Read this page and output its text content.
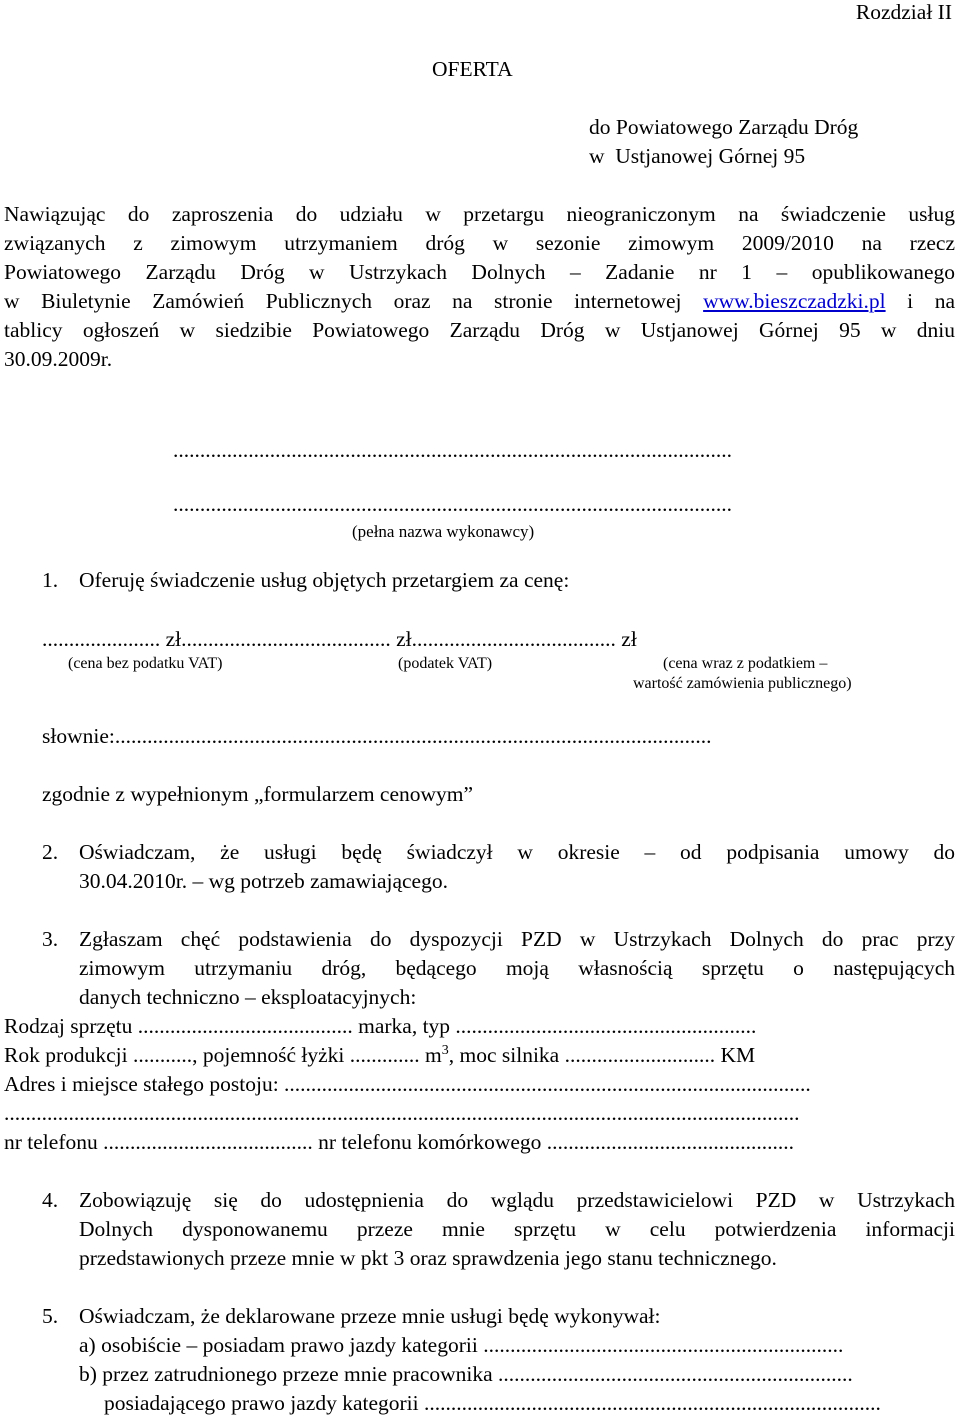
Rozdział II

OFERTA

do Powiatowego Zarządu Dróg

w  Ustjanowej Górnej 95

Nawiązując do zaproszenia do udziału w przetargu nieograniczonym na świadczenie usług

związanych z zimowym utrzymaniem dróg w sezonie zimowym 2009/2010 na rzecz

Powiatowego Zarządu Dróg w Ustrzykach Dolnych – Zadanie nr 1 – opublikowanego

w Biuletynie Zamówień Publicznych oraz na stronie internetowej www.bieszczadzki.pl i na

tablicy ogłoszeń w siedzibie Powiatowego Zarządu Dróg w Ustjanowej Górnej 95 w dniu

30.09.2009r.

........................................................................................................

........................................................................................................

(pełna nazwa wykonawcy)

1. Oferuję świadczenie usług objętych przetargiem za cenę:

...................... zł....................................... zł...................................... zł

(cena bez podatku VAT)	(podatek VAT)	(cena wraz z podatkiem –

wartość zamówienia publicznego)

słownie: ...............................................................................................................

zgodnie z wypełnionym „formularzem cenowym”

2. Oświadczam, że usługi będę świadczył w okresie – od podpisania umowy do

30.04.2010r. – wg potrzeb zamawiającego.

3. Zgłaszam chęć podstawienia do dyspozycji PZD w Ustrzykach Dolnych do prac przy

zimowym utrzymaniu dróg, będącego moją własnością sprzętu o następujących

danych techniczno – eksploatacyjnych:

Rodzaj sprzętu ........................................ marka, typ ........................................................

Rok produkcji ..........., pojemność łyżki ............. $m^3$, moc silnika ............................ KM

Adres i miejsce stałego postoju: ..................................................................................................

....................................................................................................................................................

nr telefonu ....................................... nr telefonu komórkowego ..............................................

4. Zobowiązuję się do udostępnienia do wglądu przedstawicielowi PZD w Ustrzykach

Dolnych dysponowanemu przeze mnie sprzętu w celu potwierdzenia informacji

przedstawionych przeze mnie w pkt 3 oraz sprawdzenia jego stanu technicznego.

5. Oświadczam, że deklarowane przeze mnie usługi będę wykonywał:

a) osobiście – posiadam prawo jazdy kategorii ...................................................................

b) przez zatrudnionego przeze mnie pracownika ..................................................................

posiadającego prawo jazdy kategorii .....................................................................................
